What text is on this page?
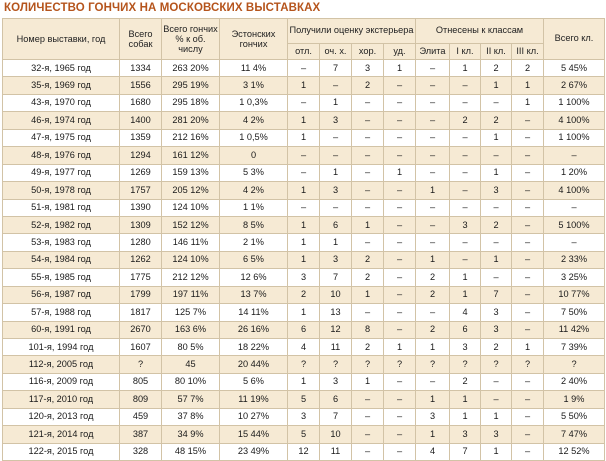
КОЛИЧЕСТВО ГОНЧИХ НА МОСКОВСКИХ ВЫСТАВКАХ
Номер выставки, год	Всего собак	Всего гончих % к об. числу	Эстонских гончих	Получили оценку экстерьера				Отнесены к классам				Всего кл.
				отл.	оч. х.	хор.	уд.	Элита	I кл.	II кл.	III кл.	
32-я, 1965 год	1334	263 20%	11 4%	–	7	3	1	–	1	2	2	5 45%
35-я, 1969 год	1556	295 19%	3 1%	1	–	2	–	–	–	1	1	2 67%
43-я, 1970 год	1680	295 18%	1 0,3%	–	1	–	–	–	–	–	1	1 100%
46-я, 1974 год	1400	281 20%	4 2%	1	3	–	–	–	2	2	–	4 100%
47-я, 1975 год	1359	212 16%	1 0,5%	1	–	–	–	–	–	1	–	1 100%
48-я, 1976 год	1294	161 12%	0	–	–	–	–	–	–	–	–	–
49-я, 1977 год	1269	159 13%	5 3%	–	1	–	1	–	–	1	–	1 20%
50-я, 1978 год	1757	205 12%	4 2%	1	3	–	–	1	–	3	–	4 100%
51-я, 1981 год	1390	124 10%	1 1%	–	–	–	–	–	–	–	–	–
52-я, 1982 год	1309	152 12%	8 5%	1	6	1	–	–	3	2	–	5 100%
53-я, 1983 год	1280	146 11%	2 1%	1	1	–	–	–	–	–	–	–
54-я, 1984 год	1262	124 10%	6 5%	1	3	2	–	1	–	1	–	2 33%
55-я, 1985 год	1775	212 12%	12 6%	3	7	2	–	2	1	–	–	3 25%
56-я, 1987 год	1799	197 11%	13 7%	2	10	1	–	2	1	7	–	10 77%
57-я, 1988 год	1817	125 7%	14 11%	1	13	–	–	–	4	3	–	7 50%
60-я, 1991 год	2670	163 6%	26 16%	6	12	8	–	2	6	3	–	11 42%
101-я, 1994 год	1607	80 5%	18 22%	4	11	2	1	1	3	2	1	7 39%
112-я, 2005 год	?	45	20 44%	?	?	?	?	?	?	?	?	?
116-я, 2009 год	805	80 10%	5 6%	1	3	1	–	–	2	–	–	2 40%
117-я, 2010 год	809	57 7%	11 19%	5	6	–	–	1	1	–	–	1 9%
120-я, 2013 год	459	37 8%	10 27%	3	7	–	–	3	1	1	–	5 50%
121-я, 2014 год	387	34 9%	15 44%	5	10	–	–	1	3	3	–	7 47%
122-я, 2015 год	328	48 15%	23 49%	12	11	–	–	4	7	1	–	12 52%
